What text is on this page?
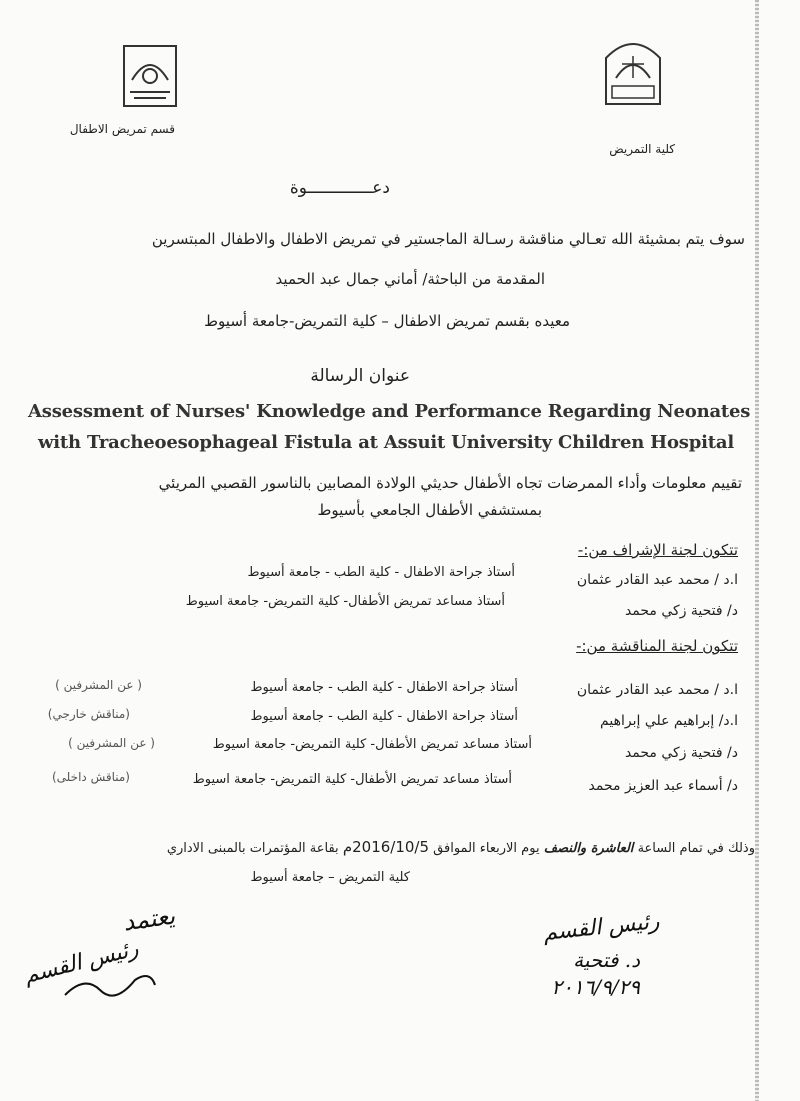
قسم تمريض الاطفال
كلية التمريض
دعـــــــــــــوة
سوف يتم بمشيئة الله تعـالي مناقشة رسـالة الماجستير في تمريض الاطفال والاطفال المبتسرين
المقدمة من الباحثة/ أماني جمال عبد الحميد
معيده بقسم تمريض الاطفال – كلية التمريض-جامعة أسيوط
عنوان الرسالة
Assessment of Nurses' Knowledge and Performance Regarding Neonates
with Tracheoesophageal Fistula at Assuit University Children Hospital
تقييم معلومات وأداء الممرضات تجاه الأطفال حديثي الولادة المصابين بالناسور القصبي المريئي
بمستشفي الأطفال الجامعي بأسيوط
تتكون لجنة الإشراف من:-
ا.د / محمد عبد القادر عثمان
أستاذ جراحة الاطفال - كلية الطب - جامعة أسيوط
د/ فتحية زكي محمد
أستاذ مساعد تمريض الأطفال- كلية التمريض- جامعة اسيوط
تتكون لجنة المناقشة من:-
ا.د / محمد عبد القادر عثمان
أستاذ جراحة الاطفال - كلية الطب - جامعة أسيوط
( عن المشرفين )
ا.د/ إبراهيم علي إبراهيم
أستاذ جراحة الاطفال - كلية الطب - جامعة أسيوط
(مناقش خارجي)
د/ فتحية زكي محمد
أستاذ مساعد تمريض الأطفال- كلية التمريض- جامعة اسيوط
( عن المشرفين )
د/ أسماء عبد العزيز محمد
أستاذ مساعد تمريض الأطفال- كلية التمريض- جامعة اسيوط
(مناقش داخلى)
وذلك في تمام الساعة العاشرة والنصف يوم الاربعاء الموافق 2016/10/5م بقاعة المؤتمرات بالمبنى الاداري
كلية التمريض – جامعة أسيوط
رئيس القسم
د. فتحية
٢٠١٦/٩/٢٩
يعتمد
رئيس القسم
